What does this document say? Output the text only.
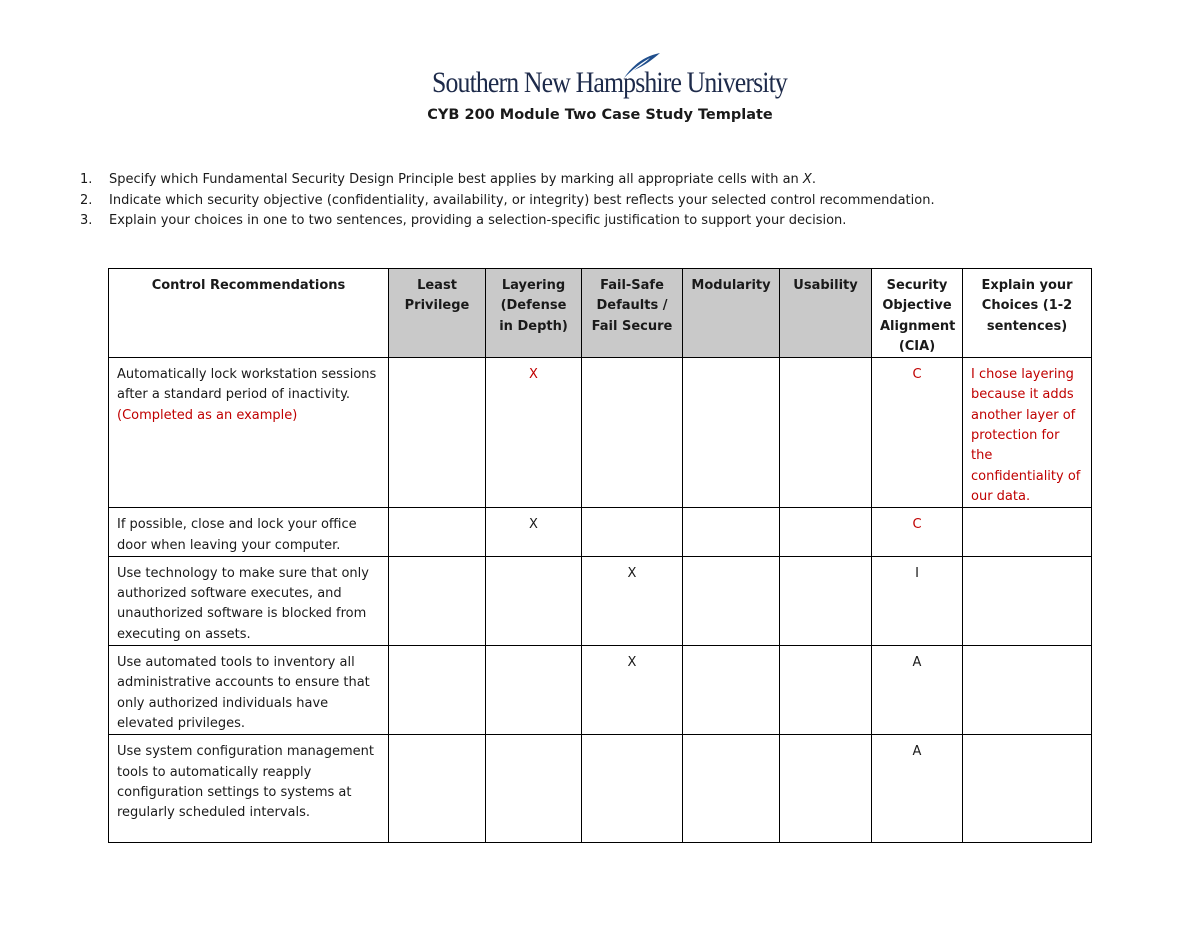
Southern New Hampshire University
CYB 200 Module Two Case Study Template
1. Specify which Fundamental Security Design Principle best applies by marking all appropriate cells with an X.
2. Indicate which security objective (confidentiality, availability, or integrity) best reflects your selected control recommendation.
3. Explain your choices in one to two sentences, providing a selection-specific justification to support your decision.
Control Recommendations	Least Privilege	Layering (Defense in Depth)	Fail-Safe Defaults / Fail Secure	Modularity	Usability	Security Objective Alignment (CIA)	Explain your Choices (1-2 sentences)
Automatically lock workstation sessions after a standard period of inactivity. (Completed as an example)		X				C	I chose layering because it adds another layer of protection for the confidentiality of our data.
If possible, close and lock your office door when leaving your computer.		X				C	
Use technology to make sure that only authorized software executes, and unauthorized software is blocked from executing on assets.			X			I	
Use automated tools to inventory all administrative accounts to ensure that only authorized individuals have elevated privileges.			X			A	
Use system configuration management tools to automatically reapply configuration settings to systems at regularly scheduled intervals.						A	
